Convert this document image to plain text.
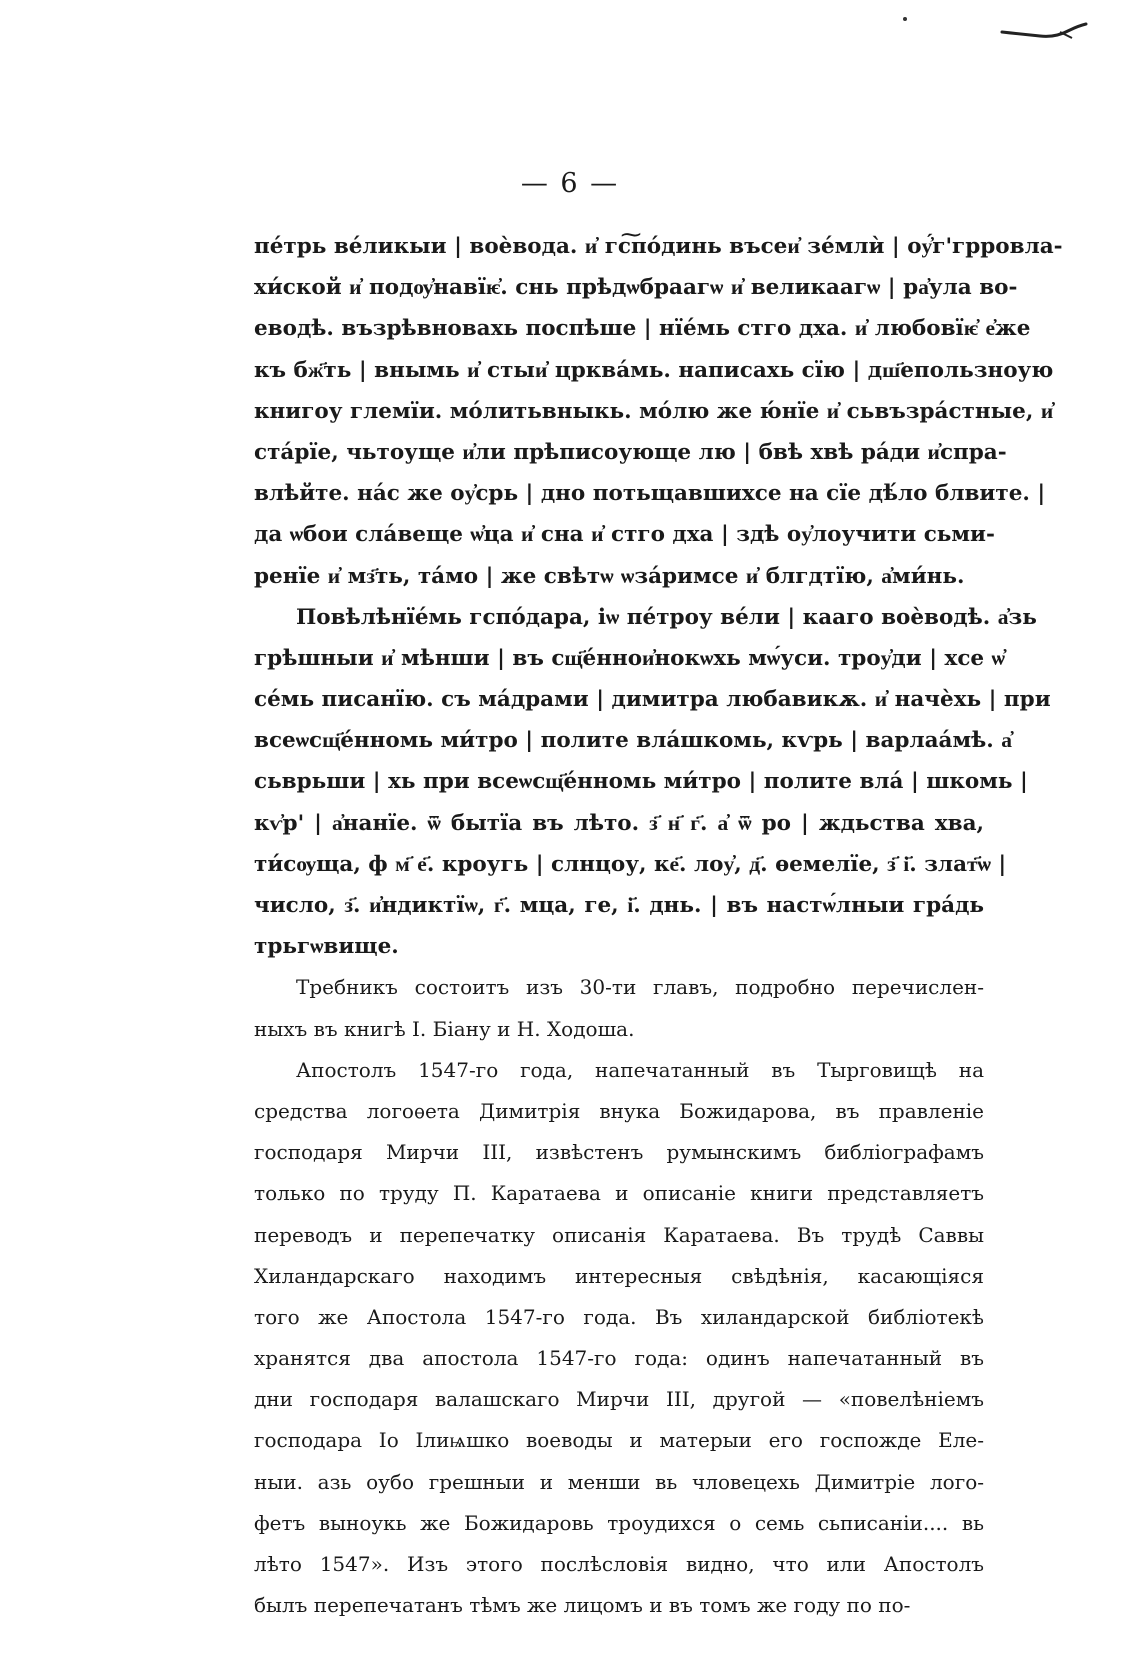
— 6 —
пе́трь ве́ликыи | воѐвода. и҆ гс͠по́динь въсеи҆ зе́млѝ | оу҆́г'грровла-
хи́ской и҆ подѹ҆навїѥ҆. снь прѣдѡбраагѡ и҆ великаагѡ | ра҆ула во-
еводѣ. възрѣвновахь поспѣше | нїе́мь стго дха. и҆ любовїѥ҆ е҆же
къ бж҃ть | внымь и҆ стыи҆ црква́мь. написахь сїю | дш҃епользноую
книгоу глемїи. мо́литьвныкь. мо́лю же ю́нїе и҆ сьвъзра́стные, и҆
ста́рїе, чьтоуще и҆ли прѣписоующе лю | бвѣ хвѣ ра́ди и҆спра-
влѣйте. на́с же оу҆срь | дно потьщавшихсе на сїе дѣ́ло блвите. |
да ѡбои сла́веще ѡ҆ца и҆ сна и҆ стго дха | здѣ оу҆лоучити сьми-
ренїе и҆ мз҃ть, та́мо | же свѣтѡ ѡза́римсе и҆ блгдтїю, а҆ми́нь.
Повѣлѣнїе́мь гспо́дара, іѡ пе́троу ве́ли | кааго воѐводѣ. а҆зь
грѣшныи и҆ мѣнши | въ сщ҃е́ннои҆нокѡхь мѡ́уси. троу҆ди | хсе ѡ҆
се́мь писанїю. съ ма́драми | димитра любавикѫ. и҆ начѐхь | при
всеѡсщ҃е́нномь ми́тро | полите вла́шкомь, кѵрь | варлаа́мѣ. а҆
сьврьши | хь при всеѡсщ҃е́нномь ми́тро | полите вла́ | шкомь |
кѵ҆р' | а҆нанїе. ѿ бытїа въ лѣто. з҃ н҃ г҃. а҆ ѿ ро | ждьства хва,
ти́сѹща, ф м҃ е҃. кроугь | слнцоу, ке҃. лоу҆, д҃. ѳемелїе, з҃ і҃. злат҃ѡ |
число, з҃. и҆ндиктїѡ, г҃. мца, ге, і҃. днь. | въ настѡ́лныи гра́дь
трьгѡвище.
Требникъ состоитъ изъ 30-ти главъ, подробно перечислен-
ныхъ въ книгѣ І. Біану и Н. Ходоша.
Апостолъ 1547-го года, напечатанный въ Тырговищѣ на
средства логоѳета Димитрія внука Божидарова, въ правленіе
господаря Мирчи III, извѣстенъ румынскимъ библіографамъ
только по труду П. Каратаева и описаніе книги представляетъ
переводъ и перепечатку описанія Каратаева. Въ трудѣ Саввы
Хиландарскаго находимъ интересныя свѣдѣнія, касающіяся
того же Апостола 1547-го года. Въ хиландарской библіотекѣ
хранятся два апостола 1547-го года: одинъ напечатанный въ
дни господаря валашскаго Мирчи III, другой — «повелѣніемъ
господара Іо Ілиѩшко воеводы и матерыи его госпожде Еле-
ныи. азь оубо грешныи и менши вь чловецехь Димитріе логo-
фетъ выноукь же Божидаровь троудихся о семь сьписаніи.... вь
лѣто 1547». Изъ этого послѣсловія видно, что или Апостолъ
былъ перепечатанъ тѣмъ же лицомъ и въ томъ же году по по-
